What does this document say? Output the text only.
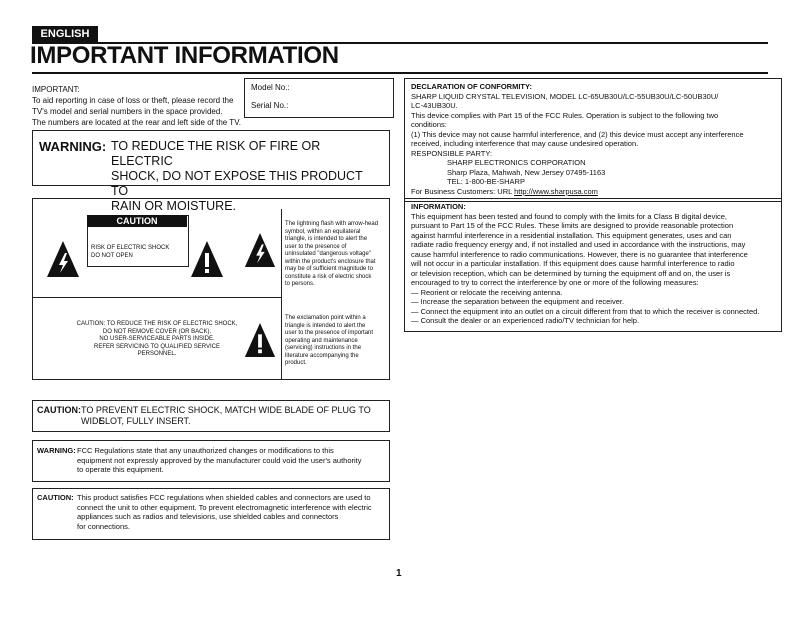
ENGLISH
IMPORTANT INFORMATION
IMPORTANT:
To aid reporting in case of loss or theft, please record the
TV's model and serial numbers in the space provided.
The numbers are located at the rear and left side of the TV.
Model No.:
Serial No.:
WARNING: TO REDUCE THE RISK OF FIRE OR ELECTRIC
SHOCK, DO NOT EXPOSE THIS PRODUCT TO
RAIN OR MOISTURE.
CAUTION
RISK OF ELECTRIC SHOCK
DO NOT OPEN
CAUTION: TO REDUCE THE RISK OF ELECTRIC SHOCK,
DO NOT REMOVE COVER (OR BACK).
NO USER-SERVICEABLE PARTS INSIDE.
REFER SERVICING TO QUALIFIED SERVICE
PERSONNEL.
The lightning flash with arrow-head
symbol, within an equilateral
triangle, is intended to alert the
user to the presence of
uninsulated "dangerous voltage"
within the product's enclosure that
may be of sufficient magnitude to
constitute a risk of electric shock
to persons.
The exclamation point within a
triangle is intended to alert the
user to the presence of important
operating and maintenance
(servicing) instructions in the
literature accompanying the
product.
CAUTION: TO PREVENT ELECTRIC SHOCK, MATCH WIDE BLADE OF PLUG TO WIDE
SLOT, FULLY INSERT.
WARNING: FCC Regulations state that any unauthorized changes or modifications to this
equipment not expressly approved by the manufacturer could void the user's authority
to operate this equipment.
CAUTION: This product satisfies FCC regulations when shielded cables and connectors are used to
connect the unit to other equipment. To prevent electromagnetic interference with electric
appliances such as radios and televisions, use shielded cables and connectors
for connections.
DECLARATION OF CONFORMITY:
SHARP LIQUID CRYSTAL TELEVISION, MODEL LC-65UB30U/LC-55UB30U/LC-50UB30U/
LC-43UB30U.
This device complies with Part 15 of the FCC Rules. Operation is subject to the following two
conditions:
(1) This device may not cause harmful interference, and (2) this device must accept any interference
received, including interference that may cause undesired operation.
RESPONSIBLE PARTY:
SHARP ELECTRONICS CORPORATION
Sharp Plaza, Mahwah, New Jersey 07495-1163
TEL: 1-800-BE-SHARP
For Business Customers: URL http://www.sharpusa.com
INFORMATION:
This equipment has been tested and found to comply with the limits for a Class B digital device,
pursuant to Part 15 of the FCC Rules. These limits are designed to provide reasonable protection
against harmful interference in a residential installation. This equipment generates, uses and can
radiate radio frequency energy and, if not installed and used in accordance with the instructions, may
cause harmful interference to radio communications. However, there is no guarantee that interference
will not occur in a particular installation. If this equipment does cause harmful interference to radio
or television reception, which can be determined by turning the equipment off and on, the user is
encouraged to try to correct the interference by one or more of the following measures:
— Reorient or relocate the receiving antenna.
— Increase the separation between the equipment and receiver.
— Connect the equipment into an outlet on a circuit different from that to which the receiver is connected.
— Consult the dealer or an experienced radio/TV technician for help.
1
